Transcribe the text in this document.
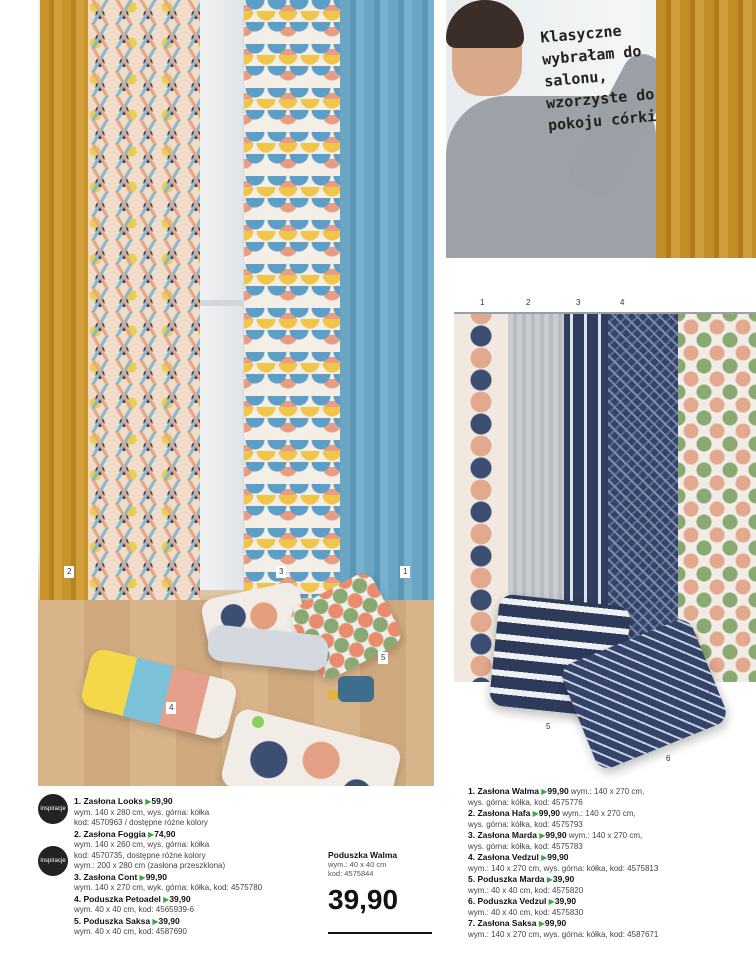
2	3	1
5
4
Klasyczne wybrałam do salonu, wzorzyste do pokoju córki
1	2	3	4
5
6
7
inspiracje
inspiracje
1. Zasłona Looks ▶59,90
wym. 140 x 280 cm, wys. górna: kółka
kod: 4570963 / dostępne różne kolory
2. Zasłona Foggia ▶74,90
wym. 140 x 260 cm, wys. górna: kółka
kod: 4570735, dostępne różne kolory
wym.: 200 x 280 cm (zasłona przeszklona)
3. Zasłona Cont ▶99,90
wym. 140 x 270 cm, wyk. górna: kółka, kod: 4575780
4. Poduszka Petoadel ▶39,90
wym. 40 x 40 cm, kod: 4565939-6
5. Poduszka Saksa ▶39,90
wym. 40 x 40 cm, kod: 4587690
Poduszka Walma
wym.: 40 x 40 cm
kod: 4575844
39,90
1. Zasłona Walma ▶99,90 wym.: 140 x 270 cm,
wys. górna: kółka, kod: 4575776
2. Zasłona Hafa ▶99,90 wym.: 140 x 270 cm,
wys. górna: kółka, kod: 4575793
3. Zasłona Marda ▶99,90 wym.: 140 x 270 cm,
wys. górna: kółka, kod: 4575783
4. Zasłona Vedzul ▶99,90
wym.: 140 x 270 cm, wys. górna: kółka, kod: 4575813
5. Poduszka Marda ▶39,90
wym.: 40 x 40 cm, kod: 4575820
6. Poduszka Vedzul ▶39,90
wym.: 40 x 40 cm, kod: 4575830
7. Zasłona Saksa ▶99,90
wym.: 140 x 270 cm, wys. górna: kółka, kod: 4587671
